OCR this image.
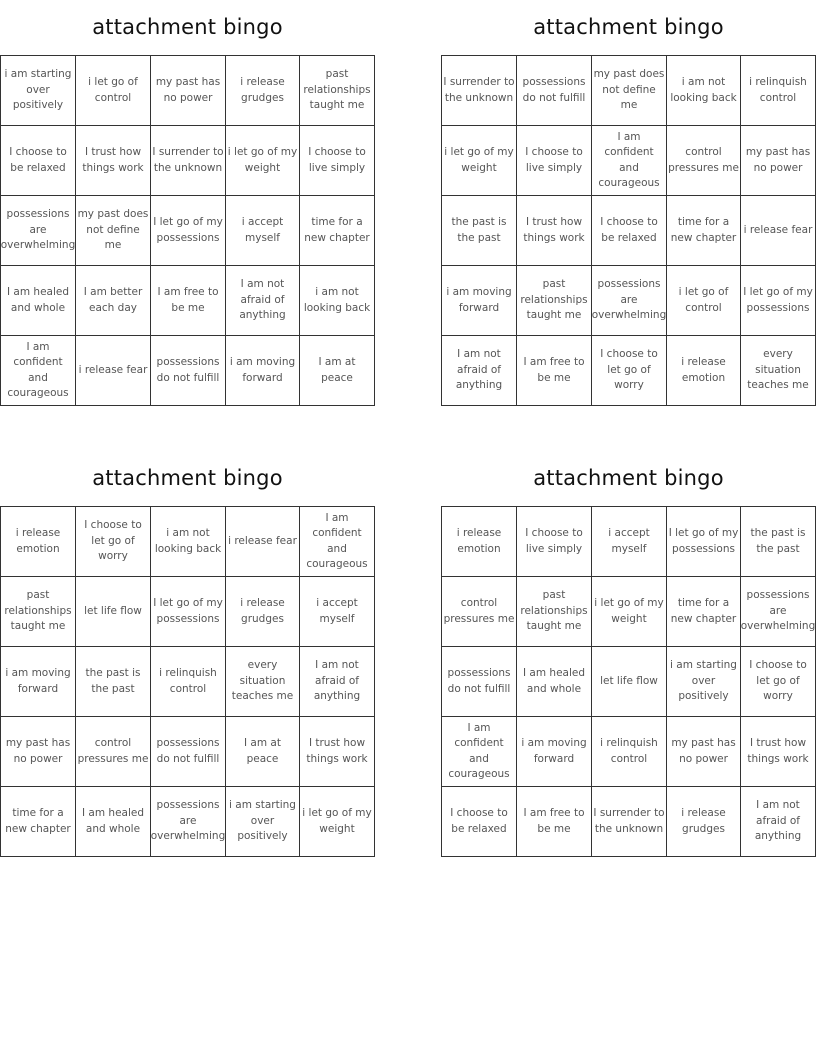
attachment bingo
i am starting over positively
i let go of control
my past has no power
i release grudges
past relationships taught me
I choose to be relaxed
I trust how things work
I surrender to the unknown
i let go of my weight
I choose to live simply
possessions are overwhelming
my past does not define me
I let go of my possessions
i accept myself
time for a new chapter
I am healed and whole
I am better each day
I am free to be me
I am not afraid of anything
i am not looking back
I am confident and courageous
i release fear
possessions do not fulfill
i am moving forward
I am at peace
attachment bingo
I surrender to the unknown
possessions do not fulfill
my past does not define me
i am not looking back
i relinquish control
i let go of my weight
I choose to live simply
I am confident and courageous
control pressures me
my past has no power
the past is the past
I trust how things work
I choose to be relaxed
time for a new chapter
i release fear
i am moving forward
past relationships taught me
possessions are overwhelming
i let go of control
I let go of my possessions
I am not afraid of anything
I am free to be me
I choose to let go of worry
i release emotion
every situation teaches me
attachment bingo
i release emotion
I choose to let go of worry
i am not looking back
i release fear
I am confident and courageous
past relationships taught me
let life flow
I let go of my possessions
i release grudges
i accept myself
i am moving forward
the past is the past
i relinquish control
every situation teaches me
I am not afraid of anything
my past has no power
control pressures me
possessions do not fulfill
I am at peace
I trust how things work
time for a new chapter
I am healed and whole
possessions are overwhelming
i am starting over positively
i let go of my weight
attachment bingo
i release emotion
I choose to live simply
i accept myself
I let go of my possessions
the past is the past
control pressures me
past relationships taught me
i let go of my weight
time for a new chapter
possessions are overwhelming
possessions do not fulfill
I am healed and whole
let life flow
i am starting over positively
I choose to let go of worry
I am confident and courageous
i am moving forward
i relinquish control
my past has no power
I trust how things work
I choose to be relaxed
I am free to be me
I surrender to the unknown
i release grudges
I am not afraid of anything
